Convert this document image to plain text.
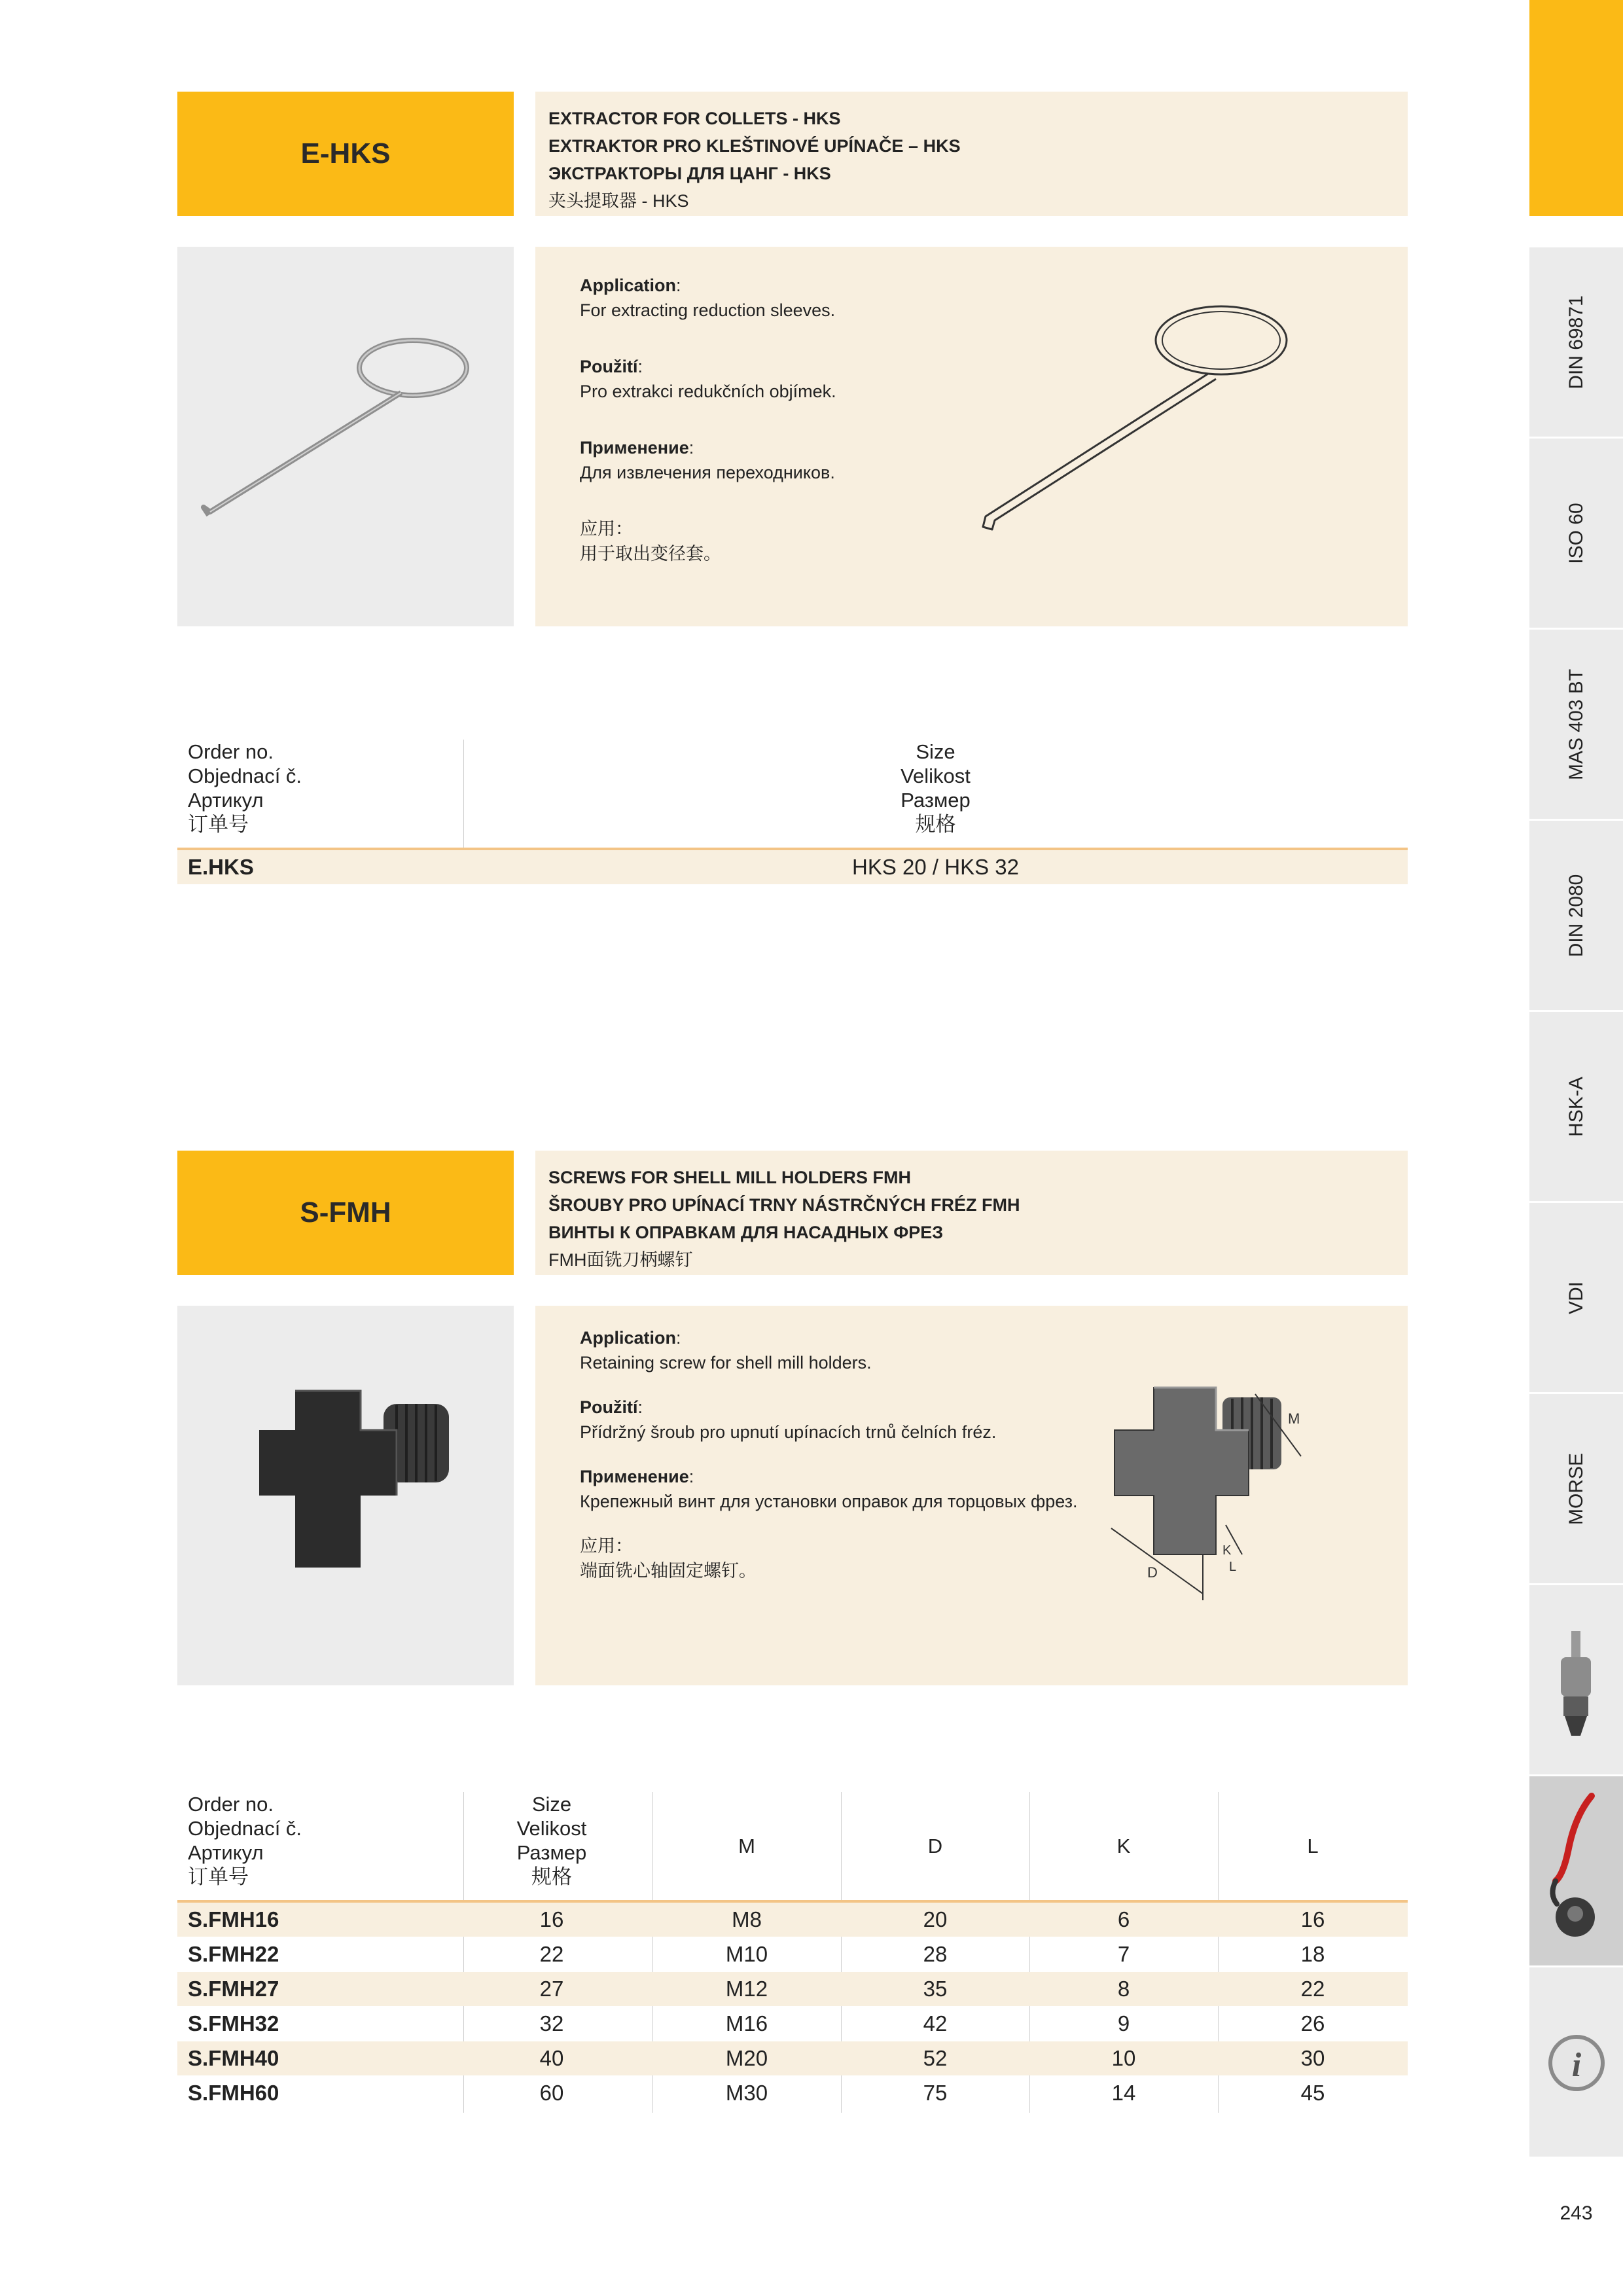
E-HKS
EXTRACTOR FOR COLLETS - HKS
EXTRAKTOR PRO KLEŠTINOVÉ UPÍNAČE – HKS
ЭКСТРАКТОРЫ ДЛЯ ЦАНГ - HKS
夹头提取器 - HKS
Application:
For extracting reduction sleeves.
Použití:
Pro extrakci redukčních objímek.
Применение:
Для извлечения переходников.
应用：
用于取出变径套。
Order no.
Objednací č.
Артикул
订单号
Size
Velikost
Размер
规格
E.HKS	HKS 20 / HKS 32
S-FMH
SCREWS FOR SHELL MILL HOLDERS FMH
ŠROUBY PRO UPÍNACÍ TRNY NÁSTRČNÝCH FRÉZ FMH
ВИНТЫ К ОПРАВКАМ ДЛЯ НАСАДНЫХ ФРЕЗ
FMH面铣刀柄螺钉
Application:
Retaining screw for shell mill holders.
Použití:
Přídržný šroub pro upnutí upínacích trnů čelních fréz.
Применение:
Крепежный винт для установки оправок для торцовых фрез.
应用：
端面铣心轴固定螺钉。
M
D
K
L
Order no.
Objednací č.
Артикул
订单号
Size
Velikost
Размер
规格
M	D	K	L
S.FMH16	16	M8	20	6	16
S.FMH22	22	M10	28	7	18
S.FMH27	27	M12	35	8	22
S.FMH32	32	M16	42	9	26
S.FMH40	40	M20	52	10	30
S.FMH60	60	M30	75	14	45
DIN 69871
ISO 60
MAS 403 BT
DIN 2080
HSK-A
VDI
MORSE
i
243
